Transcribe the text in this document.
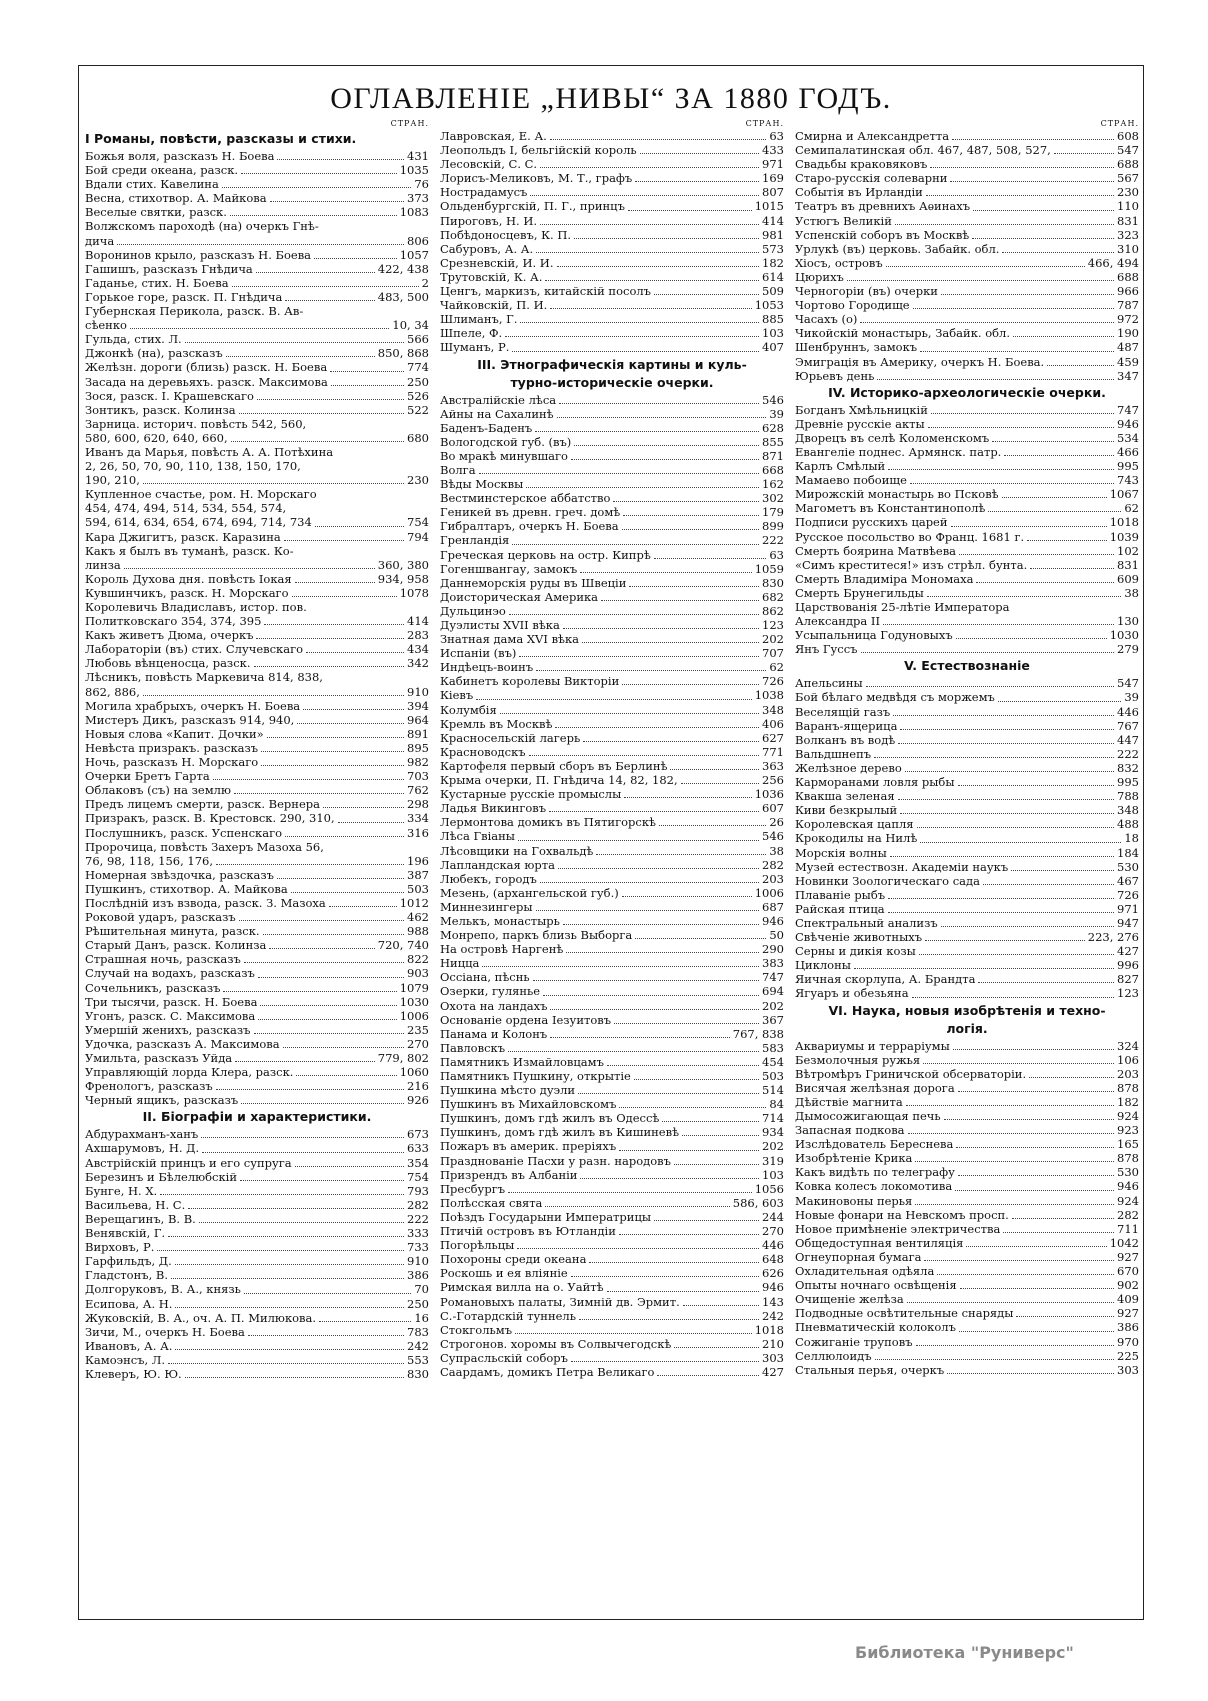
ОГЛАВЛЕНIЕ „НИВЫ“ ЗА 1880 ГОДЪ.
СТРАН.
I Романы, повѣсти, разсказы и стихи.
Божья воля, разсказъ Н. Боева	431
Бой среди океана, разск.	1035
Вдали стих. Кавелина	76
Весна, стихотвор. А. Майкова	373
Веселые святки, разск.	1083
Волжскомъ пароходѣ (на) очеркъ Гнѣ-
дича	806
Воронинов крыло, разсказъ Н. Боева	1057
Гашишъ, разсказъ Гнѣдича	422, 438
Гаданье, стих. Н. Боева	2
Горькое горе, разск. П. Гнѣдича	483, 500
Губернская Перикола, разск. В. Ав-
сѣенко	10, 34
Гульда, стих. Л.	566
Джонкѣ (на), разсказъ	850, 868
Желѣзн. дороги (близь) разск. Н. Боева	774
Засада на деревьяхъ. разск. Максимова	250
Зося, разск. I. Крашевскаго	526
Зонтикъ, разск. Колинза	522
Зарница. историч. повѣсть 542, 560,
580, 600, 620, 640, 660,	680
Иванъ да Марья, повѣсть А. А. Потѣхина
2, 26, 50, 70, 90, 110, 138, 150, 170,
190, 210,	230
Купленное счастье, ром. Н. Морскаго
454, 474, 494, 514, 534, 554, 574,
594, 614, 634, 654, 674, 694, 714, 734	754
Кара Джигитъ, разск. Каразина	794
Какъ я былъ въ туманѣ, разск. Ко-
линза	360, 380
Король Духова дня. повѣсть Iокая	934, 958
Кувшинчикъ, разск. Н. Морскаго	1078
Королевичь Владиславъ, истор. пов.
Политковскаго 354, 374, 395	414
Какъ живетъ Дюма, очеркъ	283
Лабораторiи (въ) стих. Случевскаго	434
Любовь вѣнценосца, разск.	342
Лѣсникъ, повѣсть Маркевича 814, 838,
862, 886,	910
Могила храбрыхъ, очеркъ Н. Боева	394
Мистеръ Дикъ, разсказъ 914, 940,	964
Новыя слова «Капит. Дочки»	891
Невѣста призракъ. разсказъ	895
Ночь, разсказъ Н. Морскаго	982
Очерки Бретъ Гарта	703
Облаковъ (съ) на землю	762
Предъ лицемъ смерти, разск. Вернера	298
Призракъ, разск. В. Крестовск. 290, 310,	334
Послушникъ, разск. Успенскаго	316
Пророчица, повѣсть Захеръ Мазоха 56,
76, 98, 118, 156, 176,	196
Номерная звѣздочка, разсказъ	387
Пушкинъ, стихотвор. А. Майкова	503
Послѣднiй изъ взвода, разск. З. Мазоха	1012
Роковой ударъ, разсказъ	462
Рѣшительная минута, разск.	988
Старый Данъ, разск. Колинза	720, 740
Страшная ночь, разсказъ	822
Случай на водахъ, разсказъ	903
Сочельникъ, разсказъ	1079
Три тысячи, разск. Н. Боева	1030
Угонъ, разск. С. Максимова	1006
Умершiй женихъ, разсказъ	235
Удочка, разсказъ А. Максимова	270
Умильта, разсказъ Уйда	779, 802
Управляющiй лорда Клера, разск.	1060
Френологъ, разсказъ	216
Черный ящикъ, разсказъ	926
II. Бiографiи и характеристики.
Абдурахманъ-ханъ	673
Ахшарумовъ, Н. Д.	633
Австрiйскiй принцъ и его супруга	354
Березинъ и Бѣлелюбскiй	754
Бунге, Н. Х.	793
Васильева, Н. С.	282
Верещагинъ, В. В.	222
Венявскiй, Г.	333
Вирховъ, Р.	733
Гарфильдъ, Д.	910
Гладстонъ, В.	386
Долгоруковъ, В. А., князь	70
Есипова, А. Н.	250
Жуковскiй, В. А., оч. А. П. Милюкова.	16
Зичи, М., очеркъ Н. Боева	783
Ивановъ, А. А.	242
Камоэнсъ, Л.	553
Клеверъ, Ю. Ю.	830
СТРАН.
Лавровская, Е. А.	63
Леопольдъ I, бельгiйскiй король	433
Лесовскiй, С. С.	971
Лорисъ-Меликовъ, М. Т., графъ	169
Нострадамусъ	807
Ольденбургскiй, П. Г., принцъ	1015
Пироговъ, Н. И.	414
Побѣдоносцевъ, К. П.	981
Сабуровъ, А. А.	573
Срезневскiй, И. И.	182
Трутовскiй, К. А.	614
Ценгъ, маркизъ, китайскiй посолъ	509
Чайковскiй, П. И.	1053
Шлиманъ, Г.	885
Шпеле, Ф.	103
Шуманъ, Р.	407
III. Этнографическiя картины и куль-
турно-историческiе очерки.
Австралiйскiе лѣса	546
Айны на Сахалинѣ	39
Баденъ-Баденъ	628
Вологодской губ. (въ)	855
Во мракѣ минувшаго	871
Волга	668
Вѣды Москвы	162
Вестминстерское аббатство	302
Геникей въ древн. греч. домѣ	179
Гибралтаръ, очеркъ Н. Боева	899
Гренландiя	222
Греческая церковь на остр. Кипрѣ	63
Гогеншвангау, замокъ	1059
Даннеморскiя руды въ Швецiи	830
Доисторическая Америка	682
Дульцинэо	862
Дуэлисты XVII вѣка	123
Знатная дама XVI вѣка	202
Испанiи (въ)	707
Индѣецъ-воинъ	62
Кабинетъ королевы Викторiи	726
Кiевъ	1038
Колумбiя	348
Кремль въ Москвѣ	406
Красносельскiй лагерь	627
Красноводскъ	771
Картофеля первый сборъ въ Берлинѣ	363
Крыма очерки, П. Гнѣдича 14, 82, 182,	256
Кустарные русскiе промыслы	1036
Ладья Викинговъ	607
Лермонтова домикъ въ Пятигорскѣ	26
Лѣса Гвiаны	546
Лѣсовщики на Гохвальдѣ	38
Лапландская юрта	282
Любекъ, городъ	203
Мезень, (архангельской губ.)	1006
Миннезингеры	687
Мелькъ, монастырь	946
Монрепо, паркъ близь Выборга	50
На островѣ Наргенѣ	290
Ницца	383
Оссiана, пѣснь	747
Озерки, гулянье	694
Охота на ландахъ	202
Основанiе ордена Iезуитовъ	367
Панама и Колонъ	767, 838
Павловскъ	583
Памятникъ Измайловцамъ	454
Памятникъ Пушкину, открытiе	503
Пушкина мѣсто дуэли	514
Пушкинъ въ Михайловскомъ	84
Пушкинъ, домъ гдѣ жилъ въ Одессѣ	714
Пушкинъ, домъ гдѣ жилъ въ Кишиневѣ	934
Пожаръ въ америк. преpiяхъ	202
Празднованiе Пасхи у разн. народовъ	319
Призрендъ въ Албанiи	103
Пресбургъ	1056
Полѣсская свята	586, 603
Поѣздъ Государыни Императрицы	244
Птичiй островъ въ Ютландiи	270
Погорѣльцы	446
Похороны среди океана	648
Роскошь и ея влiянiе	626
Римская вилла на о. Уайтѣ	946
Романовыхъ палаты, Зимнiй дв. Эрмит.	143
С.-Готардскiй туннель	242
Стокгольмъ	1018
Строгонов. хоромы въ Солвычегодскѣ	210
Супрасльскiй соборъ	303
Саардамъ, домикъ Петра Великаго	427
СТРАН.
Смирна и Александретта	608
Семипалатинская обл. 467, 487, 508, 527,	547
Свадьбы краковяковъ	688
Старо-русскiя солеварни	567
Событiя въ Ирландiи	230
Театръ въ древнихъ Аѳинахъ	110
Устюгъ Великiй	831
Успенскiй соборъ въ Москвѣ	323
Урлукѣ (въ) церковь. Забайк. обл.	310
Хiосъ, островъ	466, 494
Цюрихъ	688
Черногорiи (въ) очерки	966
Чортово Городище	787
Часахъ (о)	972
Чикойскiй монастырь, Забайк. обл.	190
Шенбруннъ, замокъ	487
Эмиграцiя въ Америку, очеркъ Н. Боева.	459
Юрьевъ день	347
IV. Историко-археологическiе очерки.
Богданъ Хмѣльницкiй	747
Древнiе русскiе акты	946
Дворецъ въ селѣ Коломенскомъ	534
Евангелiе поднес. Армянск. патр.	466
Карлъ Смѣлый	995
Мамаево побоище	743
Мирожскiй монастырь во Псковѣ	1067
Магометъ въ Константинополѣ	62
Подписи русскихъ царей	1018
Русское посольство во Франц. 1681 г.	1039
Смерть боярина Матвѣева	102
«Симъ креститеся!» изъ стрѣл. бунта.	831
Смерть Владимiра Мономаха	609
Смерть Брунегильды	38
Царствованiя 25-лѣтiе Императора
Александра II	130
Усыпальница Годуновыхъ	1030
Янъ Гуссъ	279
V. Естествознанiе
Апельсины	547
Бой бѣлаго медвѣдя съ моржемъ	39
Веселящiй газъ	446
Варанъ-ящерица	767
Волканъ въ водѣ	447
Вальдшнепъ	222
Желѣзное дерево	832
Кармоpанами ловля рыбы	995
Квакша зеленая	788
Киви безкрылый	348
Королевская цапля	488
Крокодилы на Нилѣ	18
Морскiя волны	184
Музей естествозн. Академiи наукъ	530
Новинки Зоологическаго сада	467
Плаванiе рыбъ	726
Райская птица	971
Спектральный анализъ	947
Свѣченiе животныхъ	223, 276
Серны и дикiя козы	427
Циклоны	996
Яичная скорлупа, А. Брандта	827
Ягуаръ и обезьяна	123
VI. Наука, новыя изобрѣтенiя и техно-
логiя.
Аквариумы и террарiумы	324
Безмолочныя ружья	106
Вѣтромѣръ Гриничской обсерваторiи.	203
Висячая желѣзная дорога	878
Дѣйствiе магнита	182
Дымосожигающая печь	924
Запасная подкова	923
Изслѣдователь Береснева	165
Изобрѣтенiе Крика	878
Какъ видѣть по телеграфу	530
Ковка колесъ локомотива	946
Макиновоны перья	924
Новые фонари на Невскомъ просп.	282
Новое примѣненiе электричества	711
Общедоступная вентиляцiя	1042
Огнеупорная бумага	927
Охладительная одѣяла	670
Опыты ночнаго освѣщенiя	902
Очищенiе желѣза	409
Подводные освѣтительные снаряды	927
Пневматическiй колоколъ	386
Сожиганiе труповъ	970
Селлюлоидъ	225
Стальныя перья, очеркъ	303
Библиотека "Руниверс"
